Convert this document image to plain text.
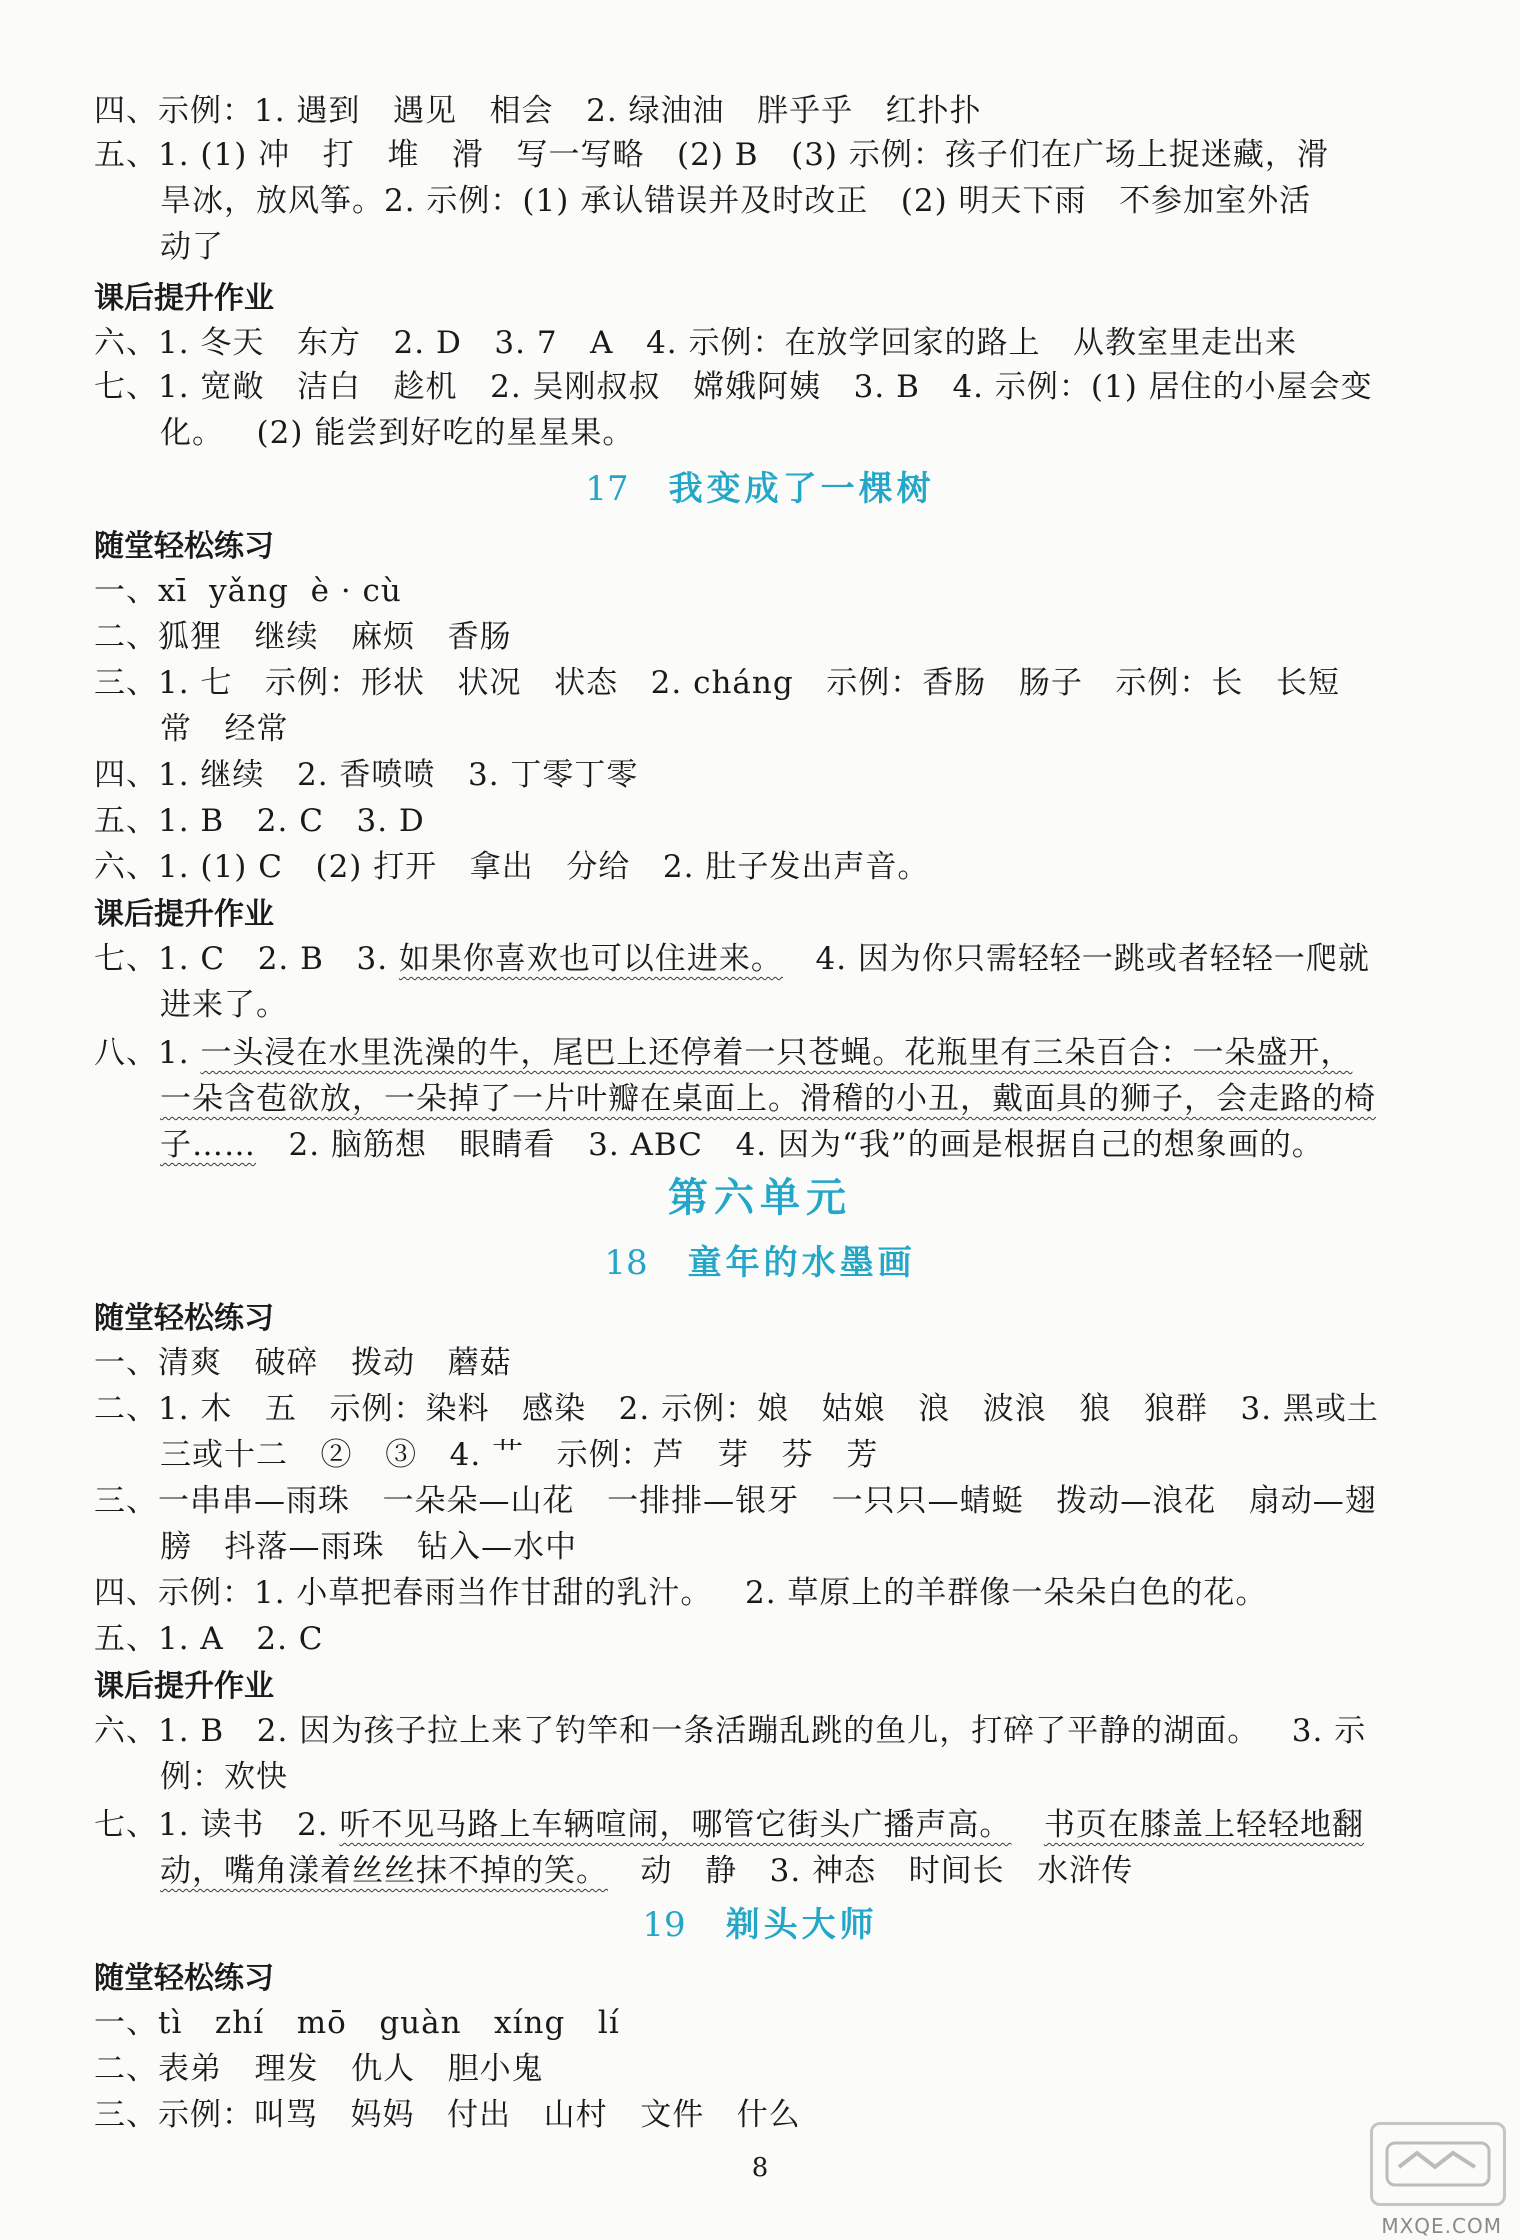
四、示例：1. 遇到   遇见   相会   2. 绿油油   胖乎乎   红扑扑
五、1. (1) 冲   打   堆   滑   写一写略   (2) B   (3) 示例：孩子们在广场上捉迷藏，滑
旱冰，放风筝。2. 示例：(1) 承认错误并及时改正   (2) 明天下雨   不参加室外活
动了
课后提升作业
六、1. 冬天   东方   2. D   3. 7   A   4. 示例：在放学回家的路上   从教室里走出来
七、1. 宽敞   洁白   趁机   2. 吴刚叔叔   嫦娥阿姨   3. B   4. 示例：(1) 居住的小屋会变
化。   (2) 能尝到好吃的星星果。
17 我变成了一棵树
随堂轻松练习
一、xī  yǎng  è · cù
二、狐狸   继续   麻烦   香肠
三、1. 七   示例：形状   状况   状态   2. cháng   示例：香肠   肠子   示例：长   长短
常   经常
四、1. 继续   2. 香喷喷   3. 丁零丁零
五、1. B   2. C   3. D
六、1. (1) C   (2) 打开   拿出   分给   2. 肚子发出声音。
课后提升作业
七、1. C   2. B   3. 如果你喜欢也可以住进来。   4. 因为你只需轻轻一跳或者轻轻一爬就
进来了。
八、1. 一头浸在水里洗澡的牛，尾巴上还停着一只苍蝇。花瓶里有三朵百合：一朵盛开，
一朵含苞欲放，一朵掉了一片叶瓣在桌面上。滑稽的小丑，戴面具的狮子，会走路的椅
子……   2. 脑筋想   眼睛看   3. ABC   4. 因为“我”的画是根据自己的想象画的。
第六单元
18 童年的水墨画
随堂轻松练习
一、清爽   破碎   拨动   蘑菇
二、1. 木   五   示例：染料   感染   2. 示例：娘   姑娘   浪   波浪   狼   狼群   3. 黑或土
三或十二   ②   ③   4. 艹   示例：芦   芽   芬   芳
三、一串串—雨珠   一朵朵—山花   一排排—银牙   一只只—蜻蜓   拨动—浪花   扇动—翅
膀   抖落—雨珠   钻入—水中
四、示例：1. 小草把春雨当作甘甜的乳汁。   2. 草原上的羊群像一朵朵白色的花。
五、1. A   2. C
课后提升作业
六、1. B   2. 因为孩子拉上来了钓竿和一条活蹦乱跳的鱼儿，打碎了平静的湖面。   3. 示
例：欢快
七、1. 读书   2. 听不见马路上车辆喧闹，哪管它街头广播声高。 书页在膝盖上轻轻地翻
动，嘴角漾着丝丝抹不掉的笑。   动   静   3. 神态   时间长   水浒传
19 剃头大师
随堂轻松练习
一、tì   zhí   mō   guàn   xíng   lí
二、表弟   理发   仇人   胆小鬼
三、示例：叫骂   妈妈   付出   山村   文件   什么
8
MXQE.COM
